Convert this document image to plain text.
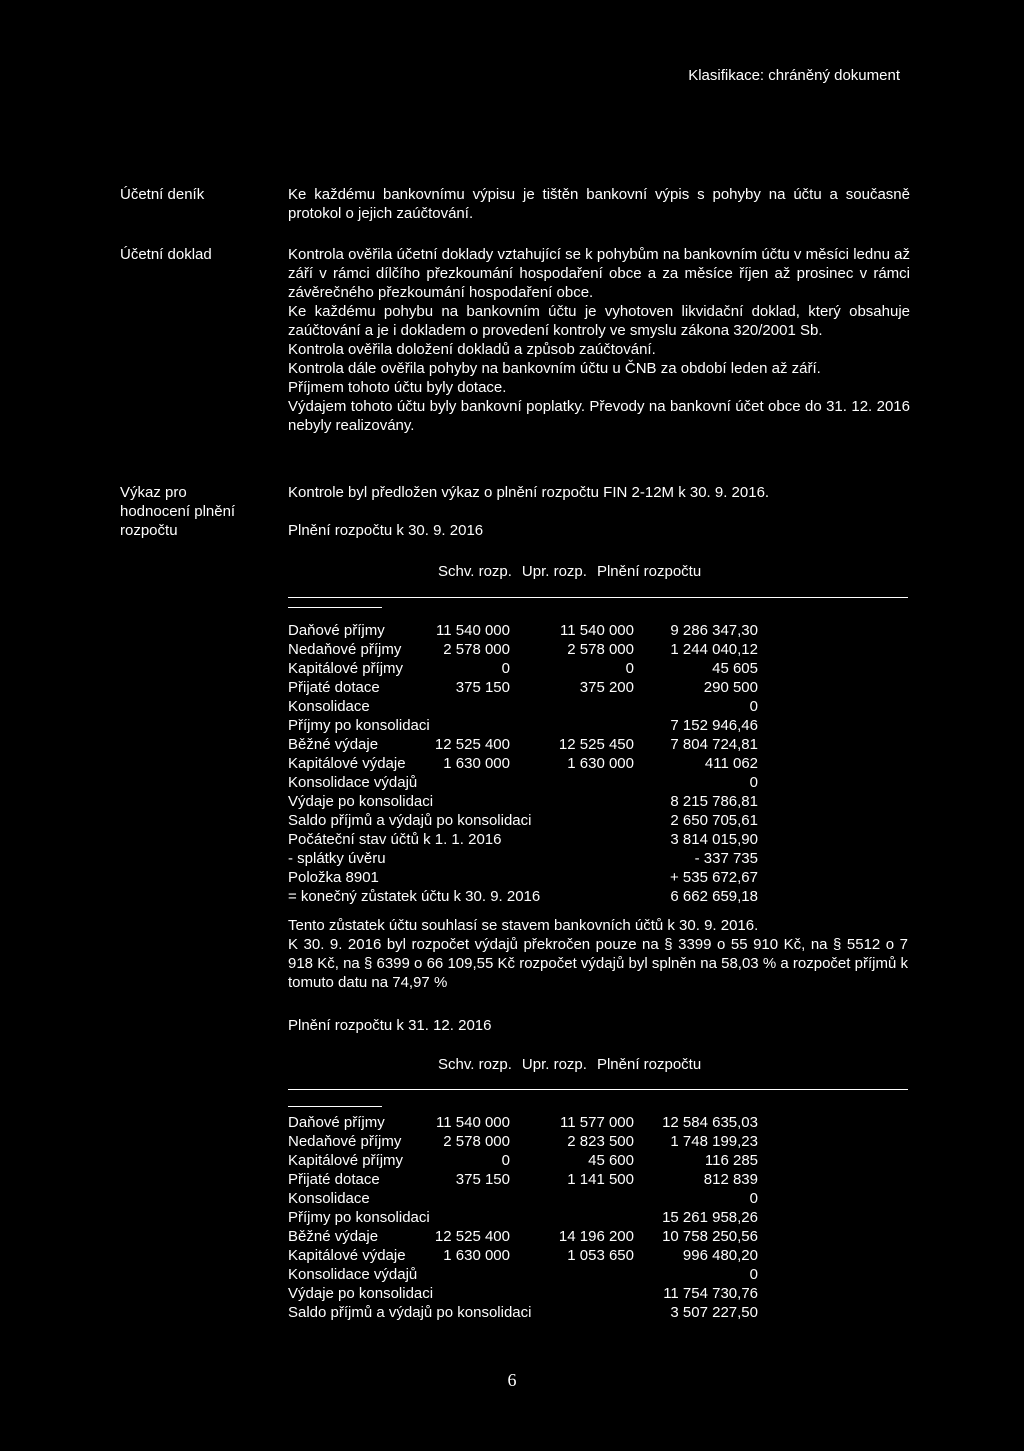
Klasifikace: chráněný dokument
Účetní deník	Ke každému bankovnímu výpisu je tištěn bankovní výpis s pohyby na účtu a současně protokol o jejich zaúčtování.
Účetní doklad	Kontrola ověřila účetní doklady vztahující se k pohybům na bankovním účtu v měsíci lednu až září v rámci dílčího přezkoumání hospodaření obce a za měsíce říjen až prosinec v rámci závěrečného přezkoumání hospodaření obce.

Ke každému pohybu na bankovním účtu je vyhotoven likvidační doklad, který obsahuje zaúčtování a je i dokladem o provedení kontroly ve smyslu zákona 320/2001 Sb.

Kontrola ověřila doložení dokladů a způsob zaúčtování.

Kontrola dále ověřila pohyby na bankovním účtu u ČNB za období leden až září.

Příjmem tohoto účtu byly dotace.

Výdajem tohoto účtu byly bankovní poplatky. Převody na bankovní účet obce do 31. 12. 2016 nebyly realizovány.

Výkaz pro
hodnocení plnění
rozpočtu
Kontrole byl předložen výkaz o plnění rozpočtu FIN 2-12M k 30. 9. 2016.
Plnění rozpočtu k 30. 9. 2016
Schv. rozp. Upr. rozp. Plnění rozpočtu
Daňové příjmy	11 540 000	11 540 000	9 286 347,30
Nedaňové příjmy	2 578 000	2 578 000	1 244 040,12
Kapitálové příjmy	0	0	45 605
Přijaté dotace	375 150	375 200	290 500
Konsolidace	0
Příjmy po konsolidaci	7 152 946,46
Běžné výdaje	12 525 400	12 525 450	7 804 724,81
Kapitálové výdaje	1 630 000	1 630 000	411 062
Konsolidace výdajů	0
Výdaje po konsolidaci	8 215 786,81
Saldo příjmů a výdajů po konsolidaci	2 650 705,61
Počáteční stav účtů k 1. 1. 2016	3 814 015,90
- splátky úvěru	- 337 735
Položka 8901	+ 535 672,67
= konečný zůstatek účtu k 30. 9. 2016	6 662 659,18
Tento zůstatek účtu souhlasí se stavem bankovních účtů k 30. 9. 2016.
K 30. 9. 2016 byl rozpočet výdajů překročen pouze na § 3399 o 55 910 Kč, na § 5512 o 7 918 Kč, na § 6399 o 66 109,55 Kč rozpočet výdajů byl splněn na 58,03 % a rozpočet příjmů k tomuto datu na 74,97 %
Plnění rozpočtu k 31. 12. 2016
Schv. rozp. Upr. rozp. Plnění rozpočtu
Daňové příjmy	11 540 000	11 577 000	12 584 635,03
Nedaňové příjmy	2 578 000	2 823 500	1 748 199,23
Kapitálové příjmy	0	45 600	116 285
Přijaté dotace	375 150	1 141 500	812 839
Konsolidace	0
Příjmy po konsolidaci	15 261 958,26
Běžné výdaje	12 525 400	14 196 200	10 758 250,56
Kapitálové výdaje	1 630 000	1 053 650	996 480,20
Konsolidace výdajů	0
Výdaje po konsolidaci	11 754 730,76
Saldo příjmů a výdajů po konsolidaci	3 507 227,50
6
